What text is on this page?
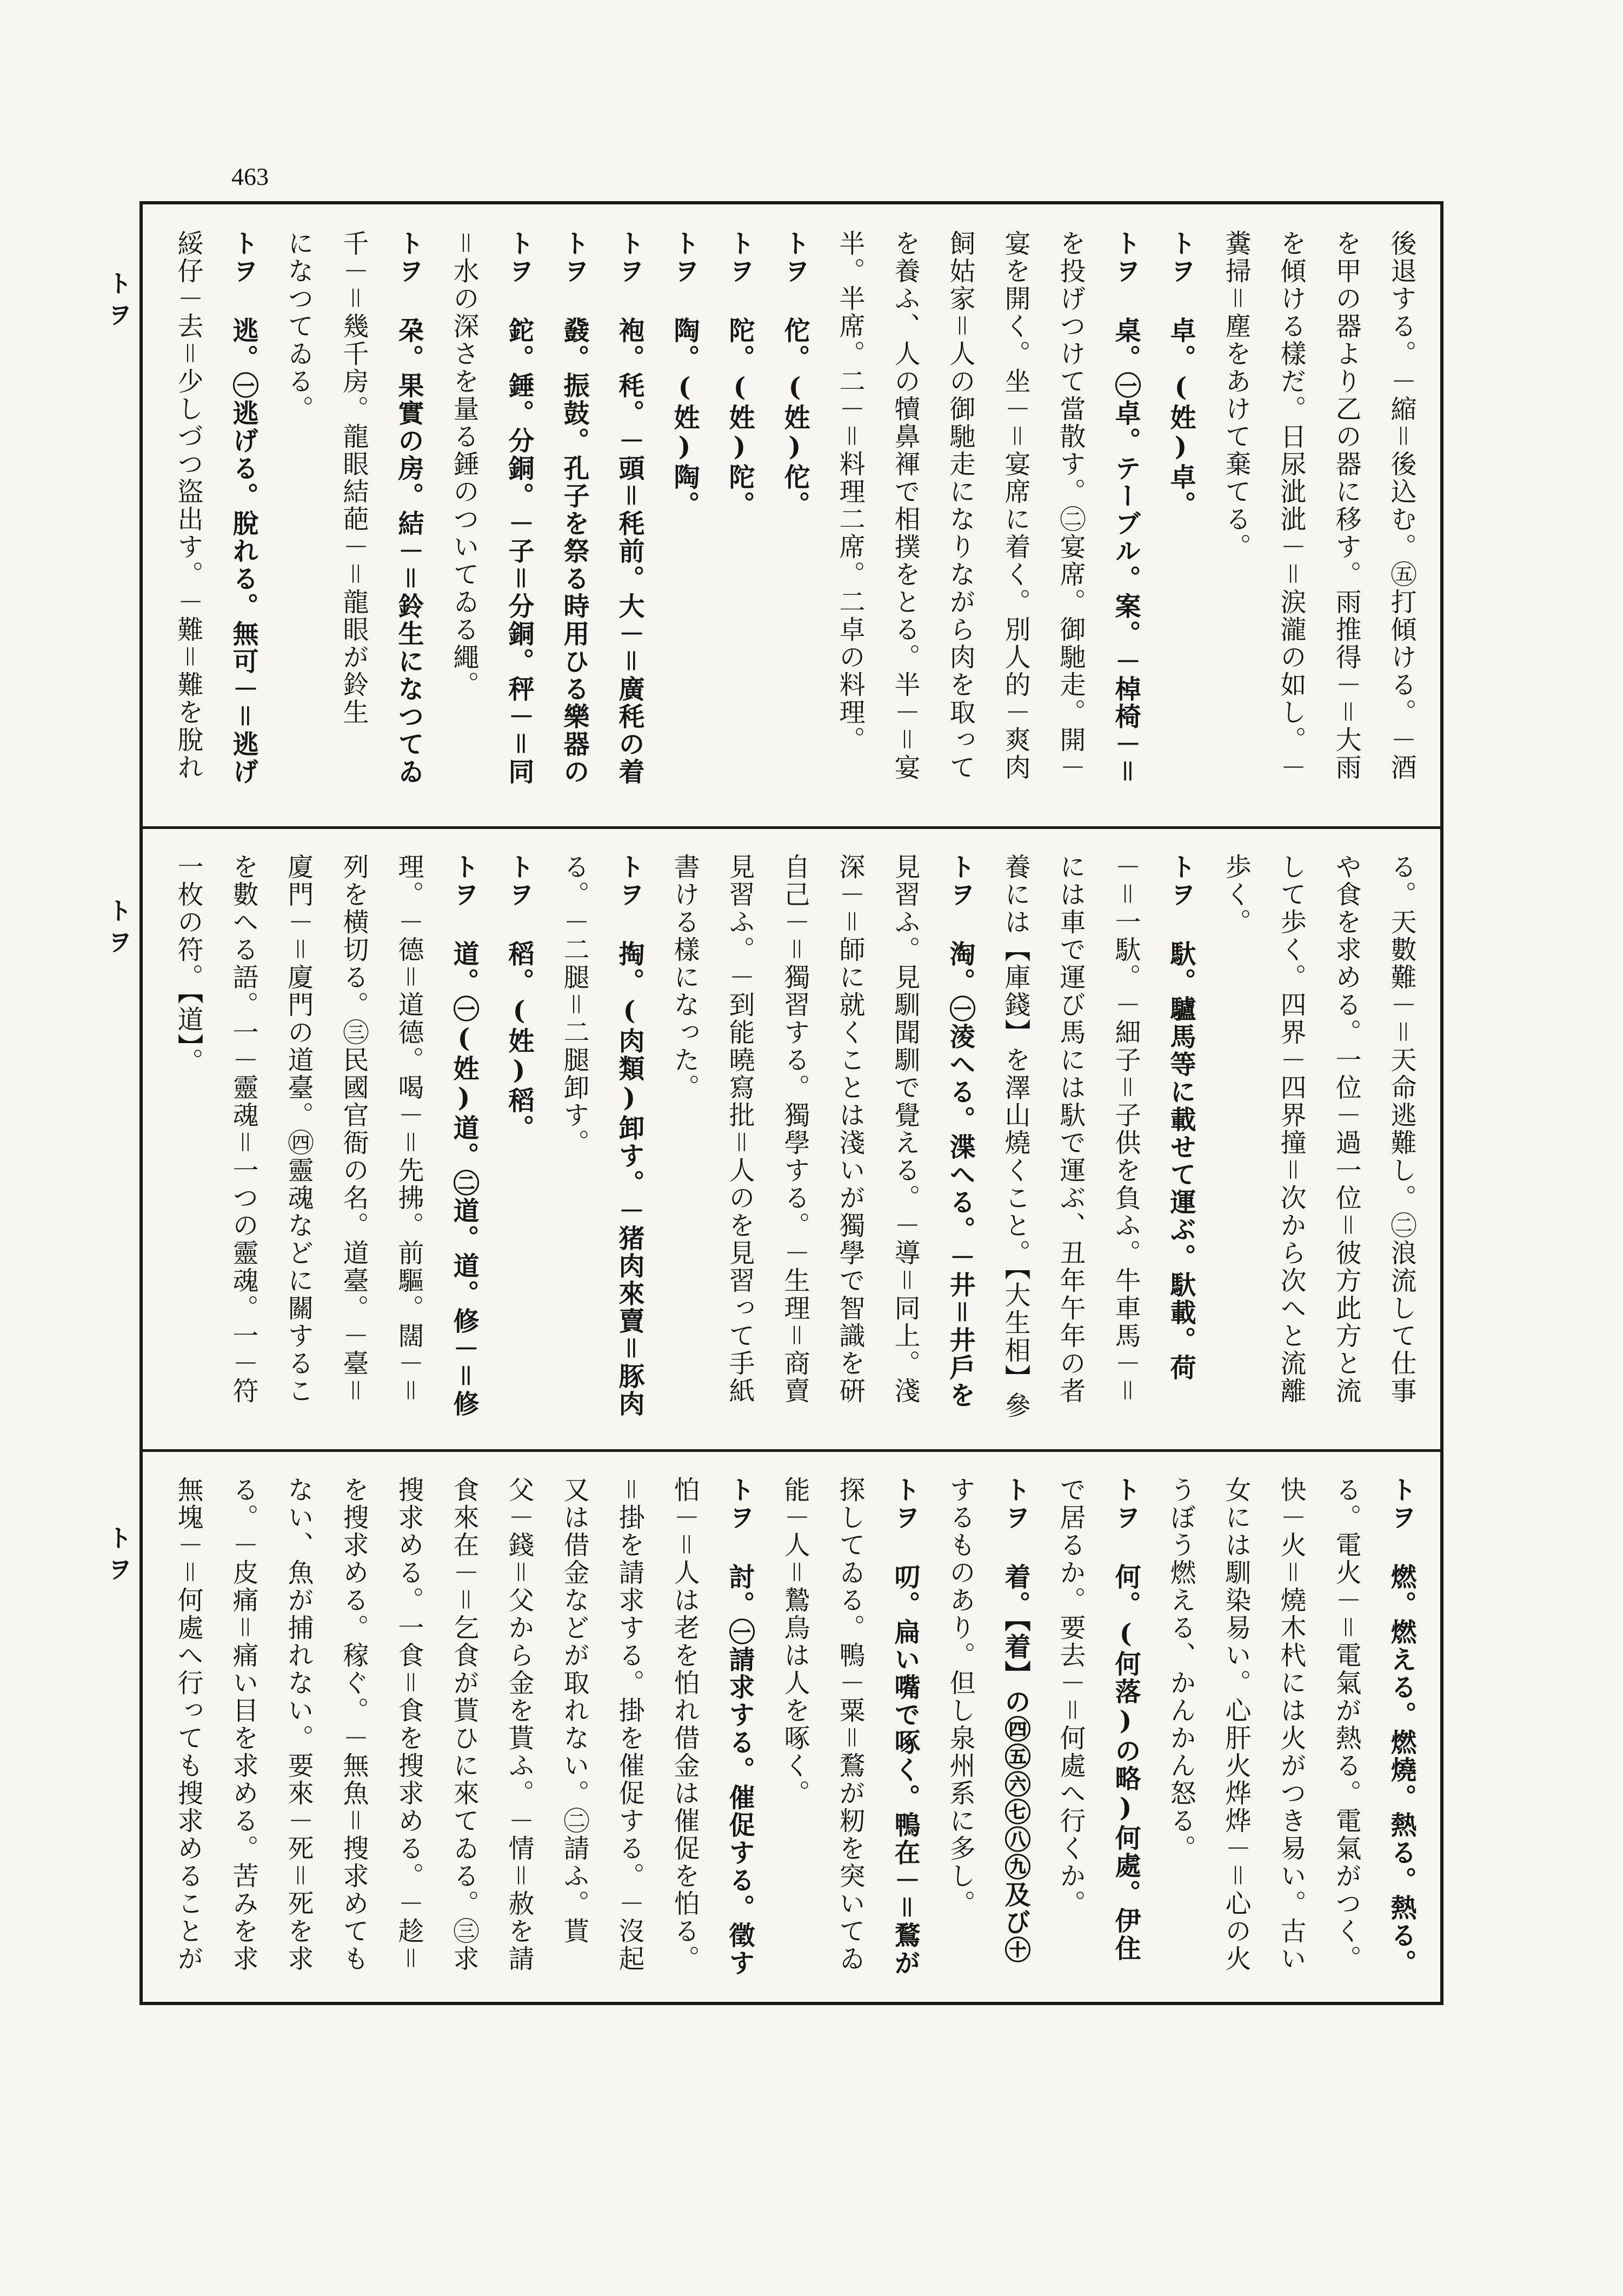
463
トヲ
トヲ
トヲ
後退する。－縮＝後込む。㊄打傾ける。－酒
を甲の器より乙の器に移す。雨推得－＝大雨
を傾ける樣だ。日尿泚泚－＝涙瀧の如し。－
糞掃＝塵をあけて棄てる。
トヲ 卓。(姓)卓。
トヲ 桌。㊀卓。テーブル。案。－棹椅－＝
を投げつけて當散す。㊁宴席。御馳走。開－
宴を開く。坐－＝宴席に着く。別人的－爽肉
飼姑家＝人の御馳走になりながら肉を取って
を養ふ、人の犢鼻褌で相撲をとる。半－＝宴
半。半席。二－＝料理二席。二卓の料理。
トヲ 佗。(姓)佗。
トヲ 陀。(姓)陀。
トヲ 陶。(姓)陶。
トヲ 袍。秏。－頭＝秏前。大－＝廣秏の着
トヲ 鼗。振鼓。孔子を祭る時用ひる樂器の
トヲ 鉈。錘。分銅。－子＝分銅。秤－＝同
＝水の深さを量る錘のついてゐる繩。
トヲ 朶。果實の房。結－＝鈴生になつてゐ
千－＝幾千房。龍眼結葩－＝龍眼が鈴生
になつてゐる。
トヲ 逃。㊀逃げる。脫れる。無可－＝逃げ
綏仔－去＝少しづつ盜出す。－難＝難を脫れ
る。天數難－＝天命逃難し。㊁浪流して仕事
や食を求める。一位－過一位＝彼方此方と流
して歩く。四界－四界撞＝次から次へと流離
歩く。
トヲ 馱。驢馬等に載せて運ぶ。馱載。荷
－＝一馱。－細子＝子供を負ふ。牛車馬－＝
には車で運び馬には馱で運ぶ、丑年午年の者
養には【庫錢】を澤山燒くこと。【大生相】參
トヲ 淘。㊀淩へる。渫へる。－井＝井戶を
見習ふ。見馴聞馴で覺える。－導＝同上。淺
深－＝師に就くことは淺いが獨學で智識を硏
自己－＝獨習する。獨學する。－生理＝商賣
見習ふ。－到能曉寫批＝人のを見習って手紙
書ける樣になった。
トヲ 掏。(肉類)卸す。－猪肉來賣＝豚肉
る。－二腿＝二腿卸す。
トヲ 稻。(姓)稻。
トヲ 道。㊀(姓)道。㊁道。道。修－＝修
理。－德＝道德。喝－＝先拂。前驅。闊－＝
列を横切る。㊂民國官衙の名。道臺。－臺＝
廈門－＝廈門の道臺。㊃靈魂などに關するこ
を數へる語。一－靈魂＝一つの靈魂。一－符
一枚の符。【道】。
トヲ 燃。燃える。燃燒。熱る。熱る。
る。電火－＝電氣が熱る。電氣がつく。
快－火＝燒木杙には火がつき易い。古い
女には馴染易い。心肝火烨烨－＝心の火
うぼう燃える、かんかん怒る。
トヲ 何。(何落)の略)何處。伊住
で居るか。要去－＝何處へ行くか。
トヲ 着。【着】の㊃㊄㊅㊆㊇㊈及び㊉
するものあり。但し泉州系に多し。
トヲ 叨。扁い嘴で啄く。鴨在－＝鶩が
探してゐる。鴨－粟＝鶩が籾を突いてゐ
能－人＝鷙鳥は人を啄く。
トヲ 討。㊀請求する。催促する。徵す
怕－＝人は老を怕れ借金は催促を怕る。
＝掛を請求する。掛を催促する。－沒起
又は借金などが取れない。㊁請ふ。貰
父－錢＝父から金を貰ふ。－情＝赦を請
食來在－＝乞食が貰ひに來てゐる。㊂求
搜求める。一食＝食を搜求める。－趁＝
を搜求める。稼ぐ。－無魚＝搜求めても
ない、魚が捕れない。要來－死＝死を求
る。－皮痛＝痛い目を求める。苦みを求
無塊－＝何處へ行っても搜求めることが
